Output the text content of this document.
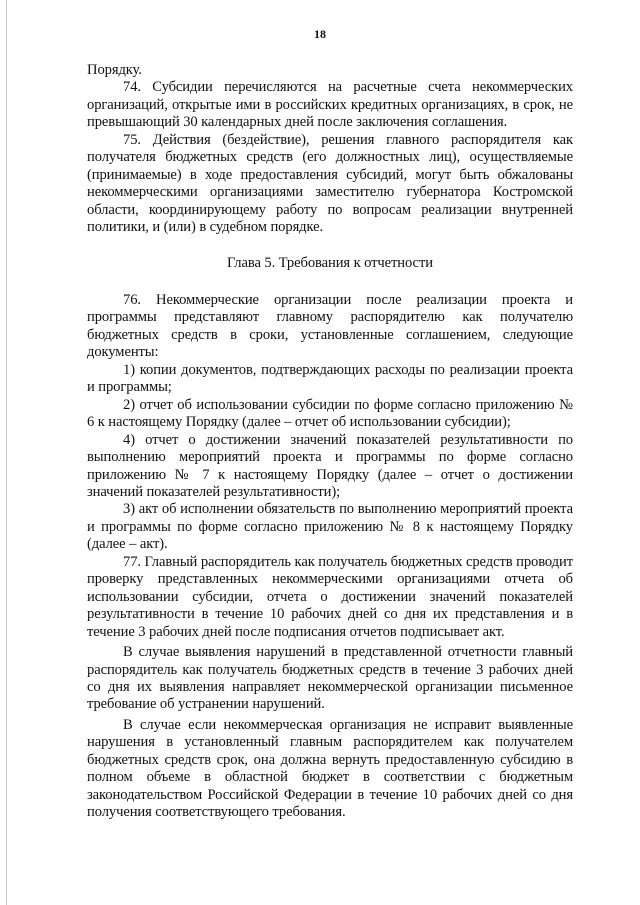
18

Порядку.

74. Субсидии перечисляются на расчетные счета некоммерческих организаций, открытые ими в российских кредитных организациях, в срок, не превышающий 30 календарных дней после заключения соглашения.

75. Действия (бездействие), решения главного распорядителя как получателя бюджетных средств (его должностных лиц), осуществляемые (принимаемые) в ходе предоставления субсидий, могут быть обжалованы некоммерческими организациями заместителю губернатора Костромской области, координирующему работу по вопросам реализации внутренней политики, и (или) в судебном порядке.

Глава 5. Требования к отчетности

76. Некоммерческие организации после реализации проекта и программы представляют главному распорядителю как получателю бюджетных средств в сроки, установленные соглашением, следующие документы:

1) копии документов, подтверждающих расходы по реализации проекта и программы;

2) отчет об использовании субсидии по форме согласно приложению № 6 к настоящему Порядку (далее – отчет об использовании субсидии);

4) отчет о достижении значений показателей результативности по выполнению мероприятий проекта и программы по форме согласно приложению № 7 к настоящему Порядку (далее – отчет о достижении значений показателей результативности);

3) акт об исполнении обязательств по выполнению мероприятий проекта и программы по форме согласно приложению № 8 к настоящему Порядку (далее – акт).

77. Главный распорядитель как получатель бюджетных средств проводит проверку представленных некоммерческими организациями отчета об использовании субсидии, отчета о достижении значений показателей результативности в течение 10 рабочих дней со дня их представления и в течение 3 рабочих дней после подписания отчетов подписывает акт.

В случае выявления нарушений в представленной отчетности главный распорядитель как получатель бюджетных средств в течение 3 рабочих дней со дня их выявления направляет некоммерческой организации письменное требование об устранении нарушений.

В случае если некоммерческая организация не исправит выявленные нарушения в установленный главным распорядителем как получателем бюджетных средств срок, она должна вернуть предоставленную субсидию в полном объеме в областной бюджет в соответствии с бюджетным законодательством Российской Федерации в течение 10 рабочих дней со дня получения соответствующего требования.
